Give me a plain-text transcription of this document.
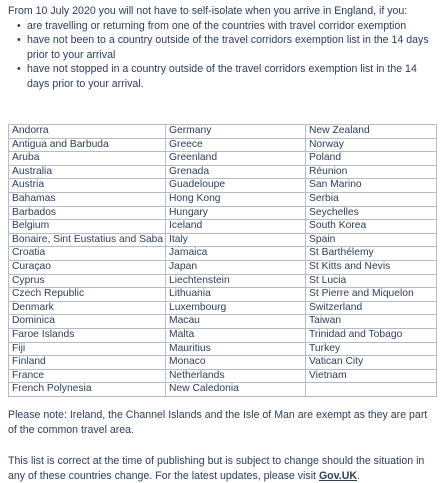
From 10 July 2020 you will not have to self-isolate when you arrive in England, if you:

• are travelling or returning from one of the countries with travel corridor exemption
• have not been to a country outside of the travel corridors exemption list in the 14 days prior to your arrival
• have not stopped in a country outside of the travel corridors exemption list in the 14 days prior to your arrival.
Andorra	Germany	New Zealand
Antigua and Barbuda	Greece	Norway
Aruba	Greenland	Poland
Australia	Grenada	Réunion
Austria	Guadeloupe	San Marino
Bahamas	Hong Kong	Serbia
Barbados	Hungary	Seychelles
Belgium	Iceland	South Korea
Bonaire, Sint Eustatius and Saba	Italy	Spain
Croatia	Jamaica	St Barthélemy
Curaçao	Japan	St Kitts and Nevis
Cyprus	Liechtenstein	St Lucia
Czech Republic	Lithuania	St Pierre and Miquelon
Denmark	Luxembourg	Switzerland
Dominica	Macau	Taiwan
Faroe Islands	Malta	Trinidad and Tobago
Fiji	Mauritius	Turkey
Finland	Monaco	Vatican City
France	Netherlands	Vietnam
French Polynesia	New Caledonia	

Please note: Ireland, the Channel Islands and the Isle of Man are exempt as they are part of the common travel area.

This list is correct at the time of publishing but is subject to change should the situation in any of these countries change. For the latest updates, please visit Gov.UK.
